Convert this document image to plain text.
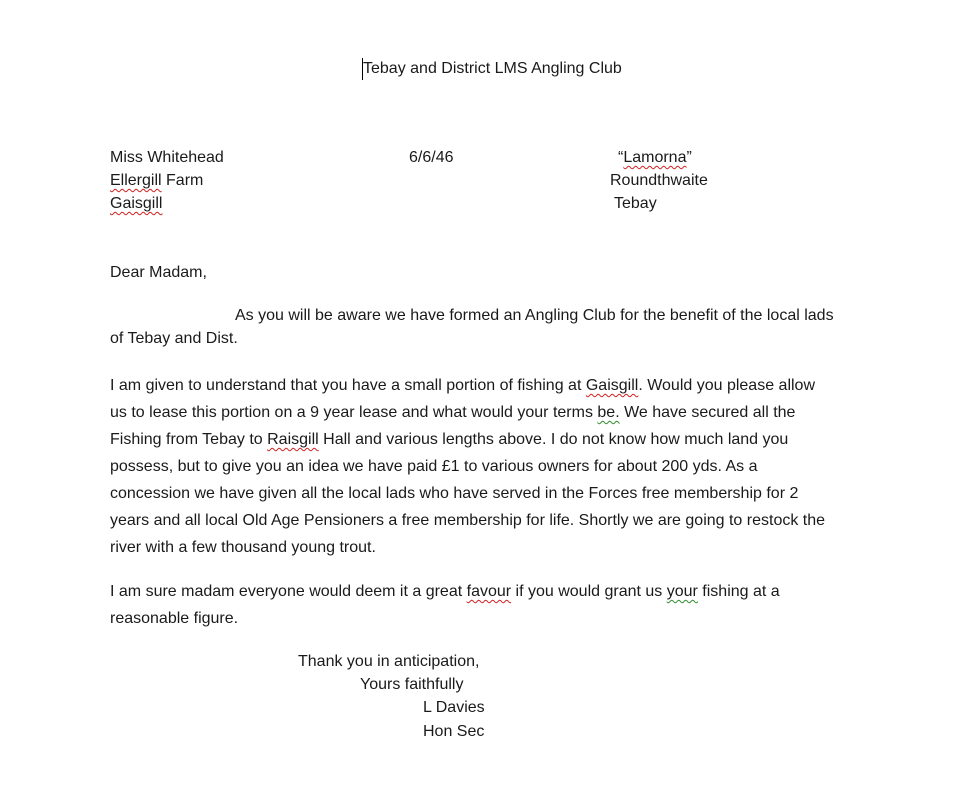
Tebay and District LMS Angling Club
Miss Whitehead
Ellergill Farm
Gaisgill
6/6/46	“Lamorna”
Roundthwaite
Tebay
Dear Madam,
As you will be aware we have formed an Angling Club for the benefit of the local lads
of Tebay and Dist.
I am given to understand that you have a small portion of fishing at Gaisgill. Would you please allow
us to lease this portion on a 9 year lease and what would your terms be. We have secured all the
Fishing from Tebay to Raisgill Hall and various lengths above. I do not know how much land you
possess, but to give you an idea we have paid £1 to various owners for about 200 yds. As a
concession we have given all the local lads who have served in the Forces free membership for 2
years and all local Old Age Pensioners a free membership for life. Shortly we are going to restock the
river with a few thousand young trout.
I am sure madam everyone would deem it a great favour if you would grant us your fishing at a
reasonable figure.
Thank you in anticipation,
Yours faithfully
L Davies
Hon Sec
